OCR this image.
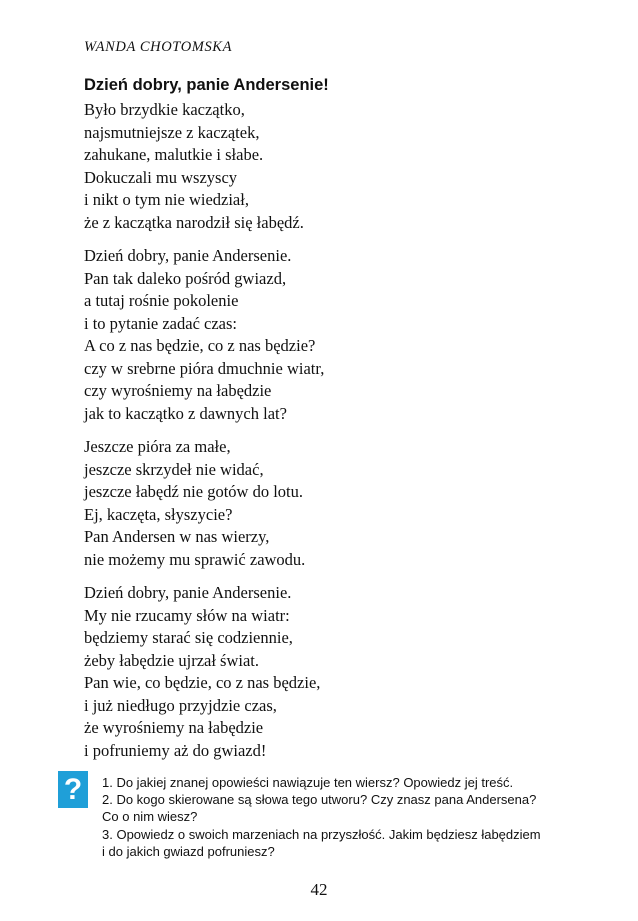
WANDA CHOTOMSKA
Dzień dobry, panie Andersenie!

Było brzydkie kaczątko,
najsmutniejsze z kaczątek,
zahukane, malutkie i słabe.
Dokuczali mu wszyscy
i nikt o tym nie wiedział,
że z kaczątka narodził się łabędź.

Dzień dobry, panie Andersenie.
Pan tak daleko pośród gwiazd,
a tutaj rośnie pokolenie
i to pytanie zadać czas:
A co z nas będzie, co z nas będzie?
czy w srebrne pióra dmuchnie wiatr,
czy wyrośniemy na łabędzie
jak to kaczątko z dawnych lat?

Jeszcze pióra za małe,
jeszcze skrzydeł nie widać,
jeszcze łabędź nie gotów do lotu.
Ej, kaczęta, słyszycie?
Pan Andersen w nas wierzy,
nie możemy mu sprawić zawodu.

Dzień dobry, panie Andersenie.
My nie rzucamy słów na wiatr:
będziemy starać się codziennie,
żeby łabędzie ujrzał świat.
Pan wie, co będzie, co z nas będzie,
i już niedługo przyjdzie czas,
że wyrośniemy na łabędzie
i pofruniemy aż do gwiazd!

? 1. Do jakiej znanej opowieści nawiązuje ten wiersz? Opowiedz jej treść.
2. Do kogo skierowane są słowa tego utworu? Czy znasz pana Andersena?
Co o nim wiesz?
3. Opowiedz o swoich marzeniach na przyszłość. Jakim będziesz łabędziem
i do jakich gwiazd pofruniesz?
42
